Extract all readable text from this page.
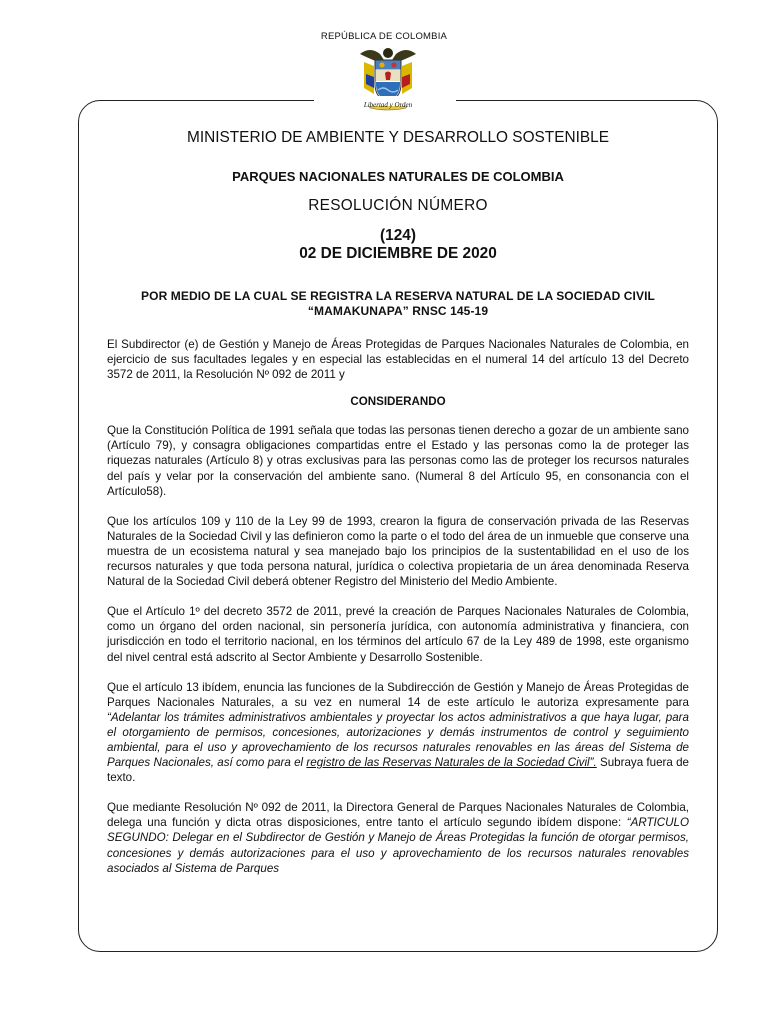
REPÚBLICA DE COLOMBIA
Libertad y Orden
MINISTERIO DE AMBIENTE Y DESARROLLO SOSTENIBLE
PARQUES NACIONALES NATURALES DE COLOMBIA
RESOLUCIÓN NÚMERO
(124)
02 DE DICIEMBRE DE 2020
POR MEDIO DE LA CUAL SE REGISTRA LA RESERVA NATURAL DE LA SOCIEDAD CIVIL
“MAMAKUNAPA” RNSC 145-19

El Subdirector (e) de Gestión y Manejo de Áreas Protegidas de Parques Nacionales Naturales de Colombia, en ejercicio de sus facultades legales y en especial las establecidas en el numeral 14 del artículo 13 del Decreto 3572 de 2011, la Resolución Nº 092 de 2011 y

CONSIDERANDO

Que la Constitución Política de 1991 señala que todas las personas tienen derecho a gozar de un ambiente sano (Artículo 79), y consagra obligaciones compartidas entre el Estado y las personas como la de proteger las riquezas naturales (Artículo 8) y otras exclusivas para las personas como las de proteger los recursos naturales del país y velar por la conservación del ambiente sano. (Numeral 8 del Artículo 95, en consonancia con el Artículo58).

Que los artículos 109 y 110 de la Ley 99 de 1993, crearon la figura de conservación privada de las Reservas Naturales de la Sociedad Civil y las definieron como la parte o el todo del área de un inmueble que conserve una muestra de un ecosistema natural y sea manejado bajo los principios de la sustentabilidad en el uso de los recursos naturales y que toda persona natural, jurídica o colectiva propietaria de un área denominada Reserva Natural de la Sociedad Civil deberá obtener Registro del Ministerio del Medio Ambiente.

Que el Artículo 1º del decreto 3572 de 2011, prevé la creación de Parques Nacionales Naturales de Colombia, como un órgano del orden nacional, sin personería jurídica, con autonomía administrativa y financiera, con jurisdicción en todo el territorio nacional, en los términos del artículo 67 de la Ley 489 de 1998, este organismo del nivel central está adscrito al Sector Ambiente y Desarrollo Sostenible.

Que el artículo 13 ibídem, enuncia las funciones de la Subdirección de Gestión y Manejo de Áreas Protegidas de Parques Nacionales Naturales, a su vez en numeral 14 de este artículo le autoriza expresamente para “Adelantar los trámites administrativos ambientales y proyectar los actos administrativos a que haya lugar, para el otorgamiento de permisos, concesiones, autorizaciones y demás instrumentos de control y seguimiento ambiental, para el uso y aprovechamiento de los recursos naturales renovables en las áreas del Sistema de Parques Nacionales, así como para el registro de las Reservas Naturales de la Sociedad Civil”. Subraya fuera de texto.

Que mediante Resolución Nº 092 de 2011, la Directora General de Parques Nacionales Naturales de Colombia, delega una función y dicta otras disposiciones, entre tanto el artículo segundo ibídem dispone: “ARTICULO SEGUNDO: Delegar en el Subdirector de Gestión y Manejo de Áreas Protegidas la función de otorgar permisos, concesiones y demás autorizaciones para el uso y aprovechamiento de los recursos naturales renovables asociados al Sistema de Parques
